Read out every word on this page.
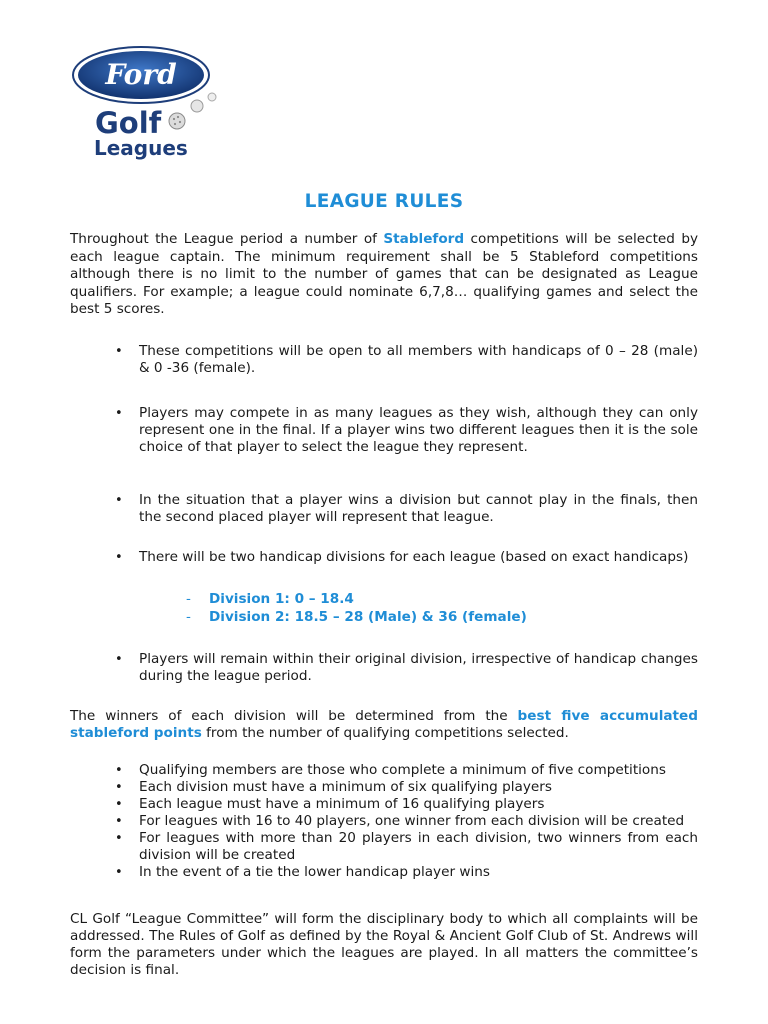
Ford
Golf
Leagues
LEAGUE RULES

Throughout the League period a number of Stableford competitions will be selected by each league captain. The minimum requirement shall be 5 Stableford competitions although there is no limit to the number of games that can be designated as League qualifiers. For example; a league could nominate 6,7,8… qualifying games and select the best 5 scores.

• These competitions will be open to all members with handicaps of 0 – 28 (male) & 0 -36 (female).
• Players may compete in as many leagues as they wish, although they can only represent one in the final. If a player wins two different leagues then it is the sole choice of that player to select the league they represent.
• In the situation that a player wins a division but cannot play in the finals, then the second placed player will represent that league.
• There will be two handicap divisions for each league (based on exact handicaps)
- Division 1: 0 – 18.4
- Division 2: 18.5 – 28 (Male) & 36 (female)
• Players will remain within their original division, irrespective of handicap changes during the league period.

The winners of each division will be determined from the best five accumulated stableford points from the number of qualifying competitions selected.

• Qualifying members are those who complete a minimum of five competitions
• Each division must have a minimum of six qualifying players
• Each league must have a minimum of 16 qualifying players
• For leagues with 16 to 40 players, one winner from each division will be created
• For leagues with more than 20 players in each division, two winners from each division will be created
• In the event of a tie the lower handicap player wins

CL Golf “League Committee” will form the disciplinary body to which all complaints will be addressed. The Rules of Golf as defined by the Royal & Ancient Golf Club of St. Andrews will form the parameters under which the leagues are played. In all matters the committee’s decision is final.
